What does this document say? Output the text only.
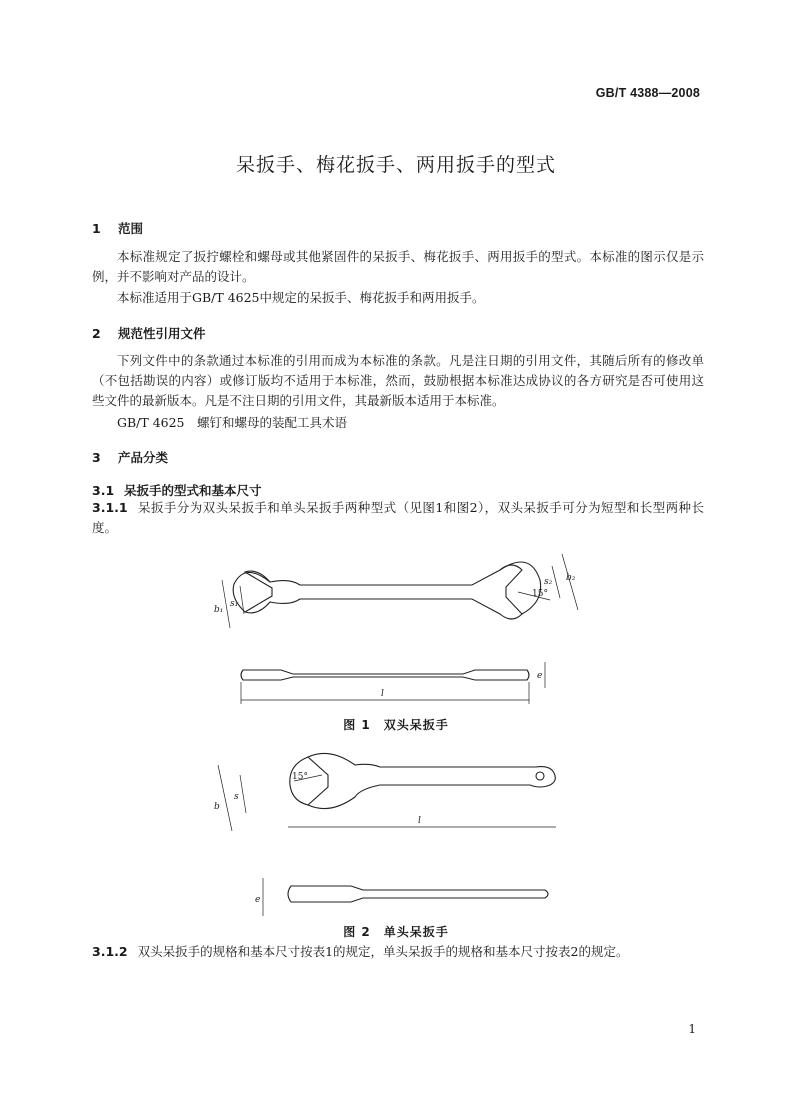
GB/T 4388—2008
呆扳手、梅花扳手、两用扳手的型式
1 范围
本标准规定了扳拧螺栓和螺母或其他紧固件的呆扳手、梅花扳手、两用扳手的型式。本标准的图示仅是示例，并不影响对产品的设计。
本标准适用于GB/T 4625中规定的呆扳手、梅花扳手和两用扳手。
2 规范性引用文件
下列文件中的条款通过本标准的引用而成为本标准的条款。凡是注日期的引用文件，其随后所有的修改单（不包括勘误的内容）或修订版均不适用于本标准，然而，鼓励根据本标准达成协议的各方研究是否可使用这些文件的最新版本。凡是不注日期的引用文件，其最新版本适用于本标准。
GB/T 4625　螺钉和螺母的装配工具术语
3 产品分类
3.1 呆扳手的型式和基本尺寸
3.1.1 呆扳手分为双头呆扳手和单头呆扳手两种型式（见图1和图2），双头呆扳手可分为短型和长型两种长度。
b₁
s₁
s₂ b₂
15°
e
l
图 1　双头呆扳手
b
s
15°
l
e
图 2　单头呆扳手
3.1.2 双头呆扳手的规格和基本尺寸按表1的规定，单头呆扳手的规格和基本尺寸按表2的规定。
1
